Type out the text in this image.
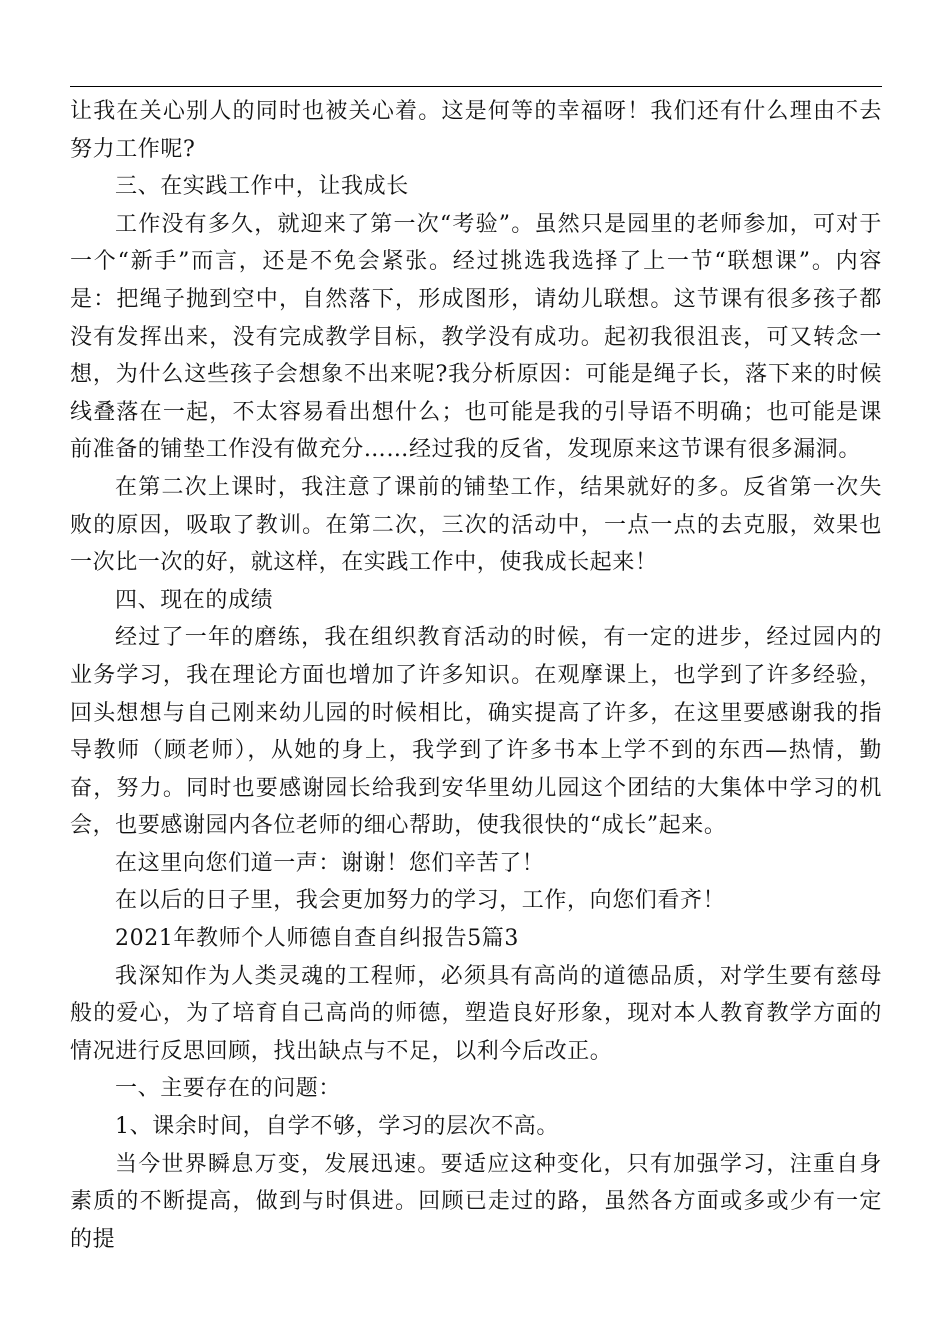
让我在关心别人的同时也被关心着。这是何等的幸福呀！我们还有什么理由不去努力工作呢?

三、在实践工作中，让我成长

工作没有多久，就迎来了第一次“考验”。虽然只是园里的老师参加，可对于一个“新手”而言，还是不免会紧张。经过挑选我选择了上一节“联想课”。内容是：把绳子抛到空中，自然落下，形成图形，请幼儿联想。这节课有很多孩子都没有发挥出来，没有完成教学目标，教学没有成功。起初我很沮丧，可又转念一想，为什么这些孩子会想象不出来呢?我分析原因：可能是绳子长，落下来的时候线叠落在一起，不太容易看出想什么；也可能是我的引导语不明确；也可能是课前准备的铺垫工作没有做充分……经过我的反省，发现原来这节课有很多漏洞。

在第二次上课时，我注意了课前的铺垫工作，结果就好的多。反省第一次失败的原因，吸取了教训。在第二次，三次的活动中，一点一点的去克服，效果也一次比一次的好，就这样，在实践工作中，使我成长起来！

四、现在的成绩

经过了一年的磨练，我在组织教育活动的时候，有一定的进步，经过园内的业务学习，我在理论方面也增加了许多知识。在观摩课上，也学到了许多经验，回头想想与自己刚来幼儿园的时候相比，确实提高了许多，在这里要感谢我的指导教师（顾老师），从她的身上，我学到了许多书本上学不到的东西—热情，勤奋，努力。同时也要感谢园长给我到安华里幼儿园这个团结的大集体中学习的机会，也要感谢园内各位老师的细心帮助，使我很快的“成长”起来。

在这里向您们道一声：谢谢！您们辛苦了！

在以后的日子里，我会更加努力的学习，工作，向您们看齐！

2021年教师个人师德自查自纠报告5篇3

我深知作为人类灵魂的工程师，必须具有高尚的道德品质，对学生要有慈母般的爱心，为了培育自己高尚的师德，塑造良好形象，现对本人教育教学方面的情况进行反思回顾，找出缺点与不足，以利今后改正。

一、主要存在的问题：

1、课余时间，自学不够，学习的层次不高。

当今世界瞬息万变，发展迅速。要适应这种变化，只有加强学习，注重自身素质的不断提高，做到与时俱进。回顾已走过的路，虽然各方面或多或少有一定的提
